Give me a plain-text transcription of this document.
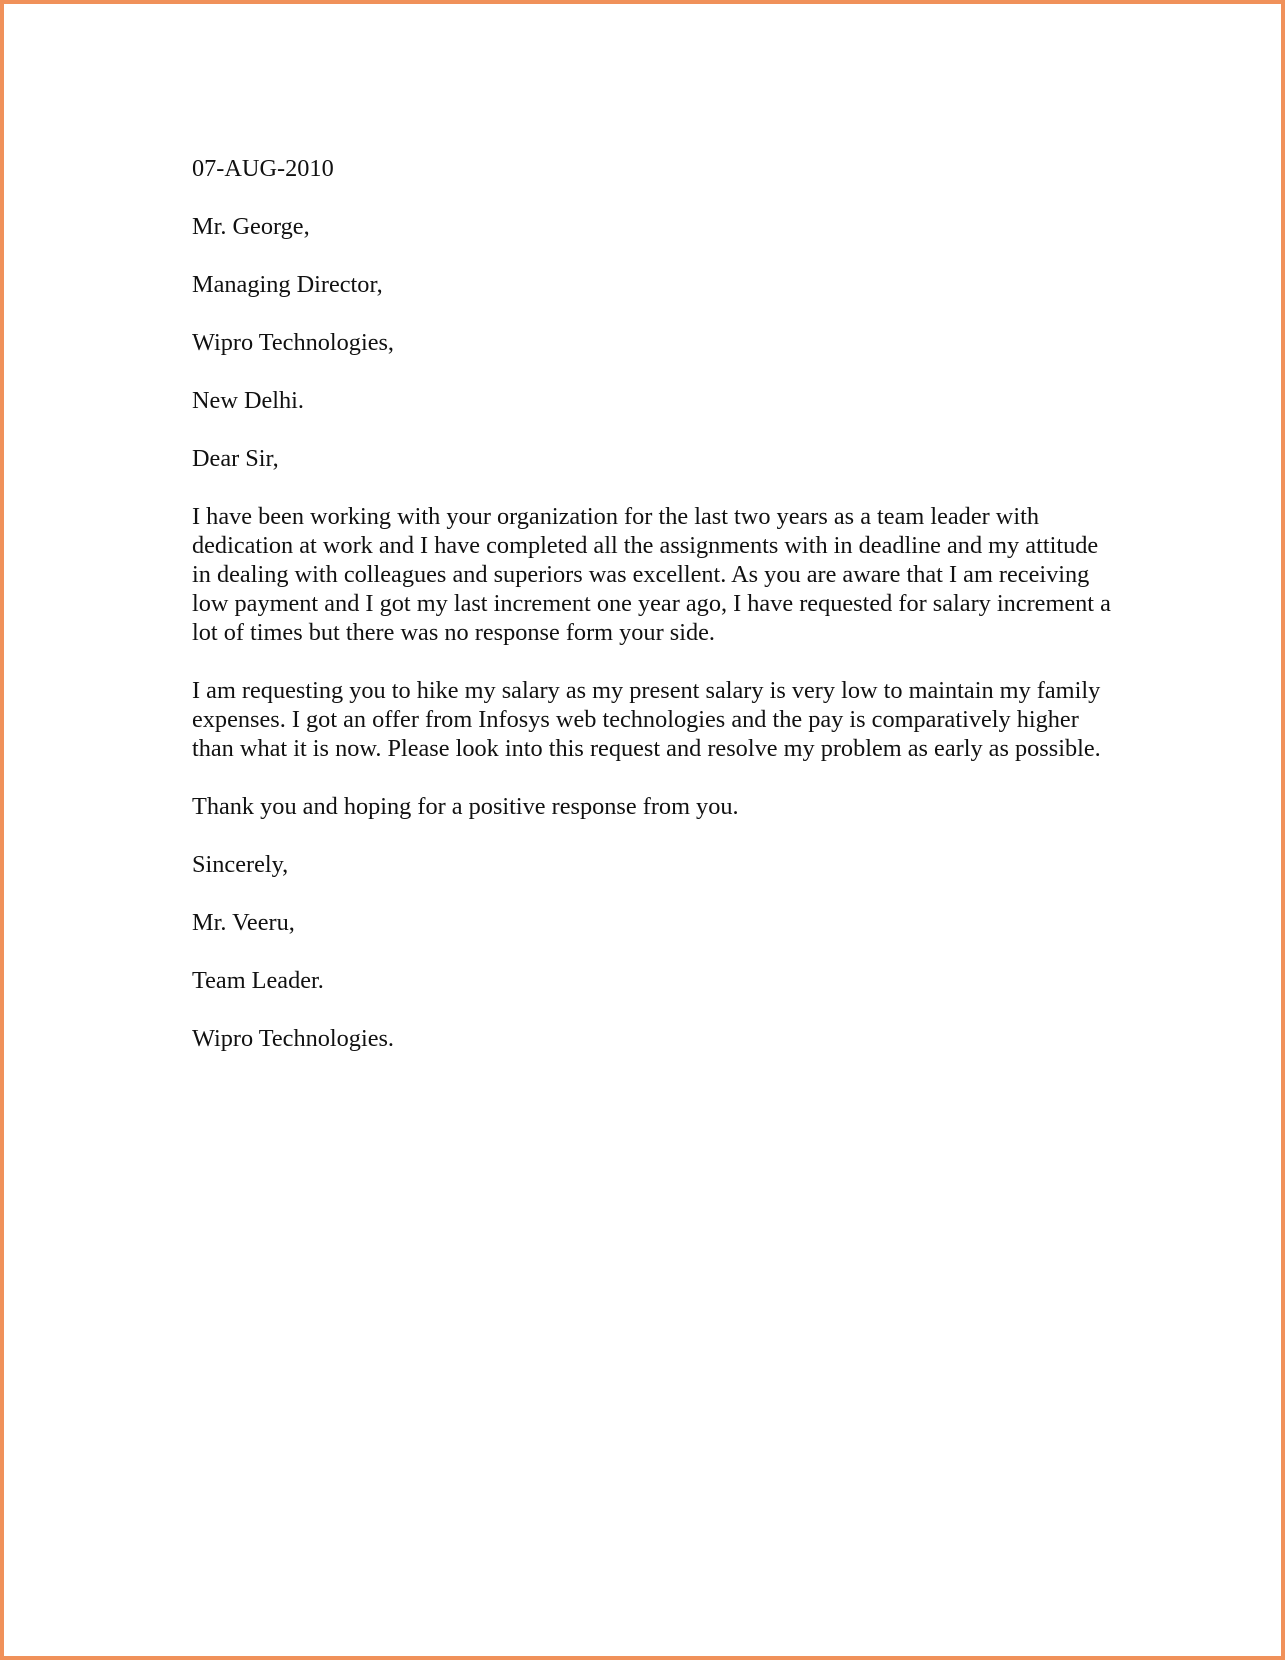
07-AUG-2010

Mr. George,

Managing Director,

Wipro Technologies,

New Delhi.

Dear Sir,

I have been working with your organization for the last two years as a team leader with dedication at work and I have completed all the assignments with in deadline and my attitude in dealing with colleagues and superiors was excellent. As you are aware that I am receiving low payment and I got my last increment one year ago, I have requested for salary increment a lot of times but there was no response form your side.

I am requesting you to hike my salary as my present salary is very low to maintain my family expenses. I got an offer from Infosys web technologies and the pay is comparatively higher than what it is now. Please look into this request and resolve my problem as early as possible.

Thank you and hoping for a positive response from you.

Sincerely,

Mr. Veeru,

Team Leader.

Wipro Technologies.
